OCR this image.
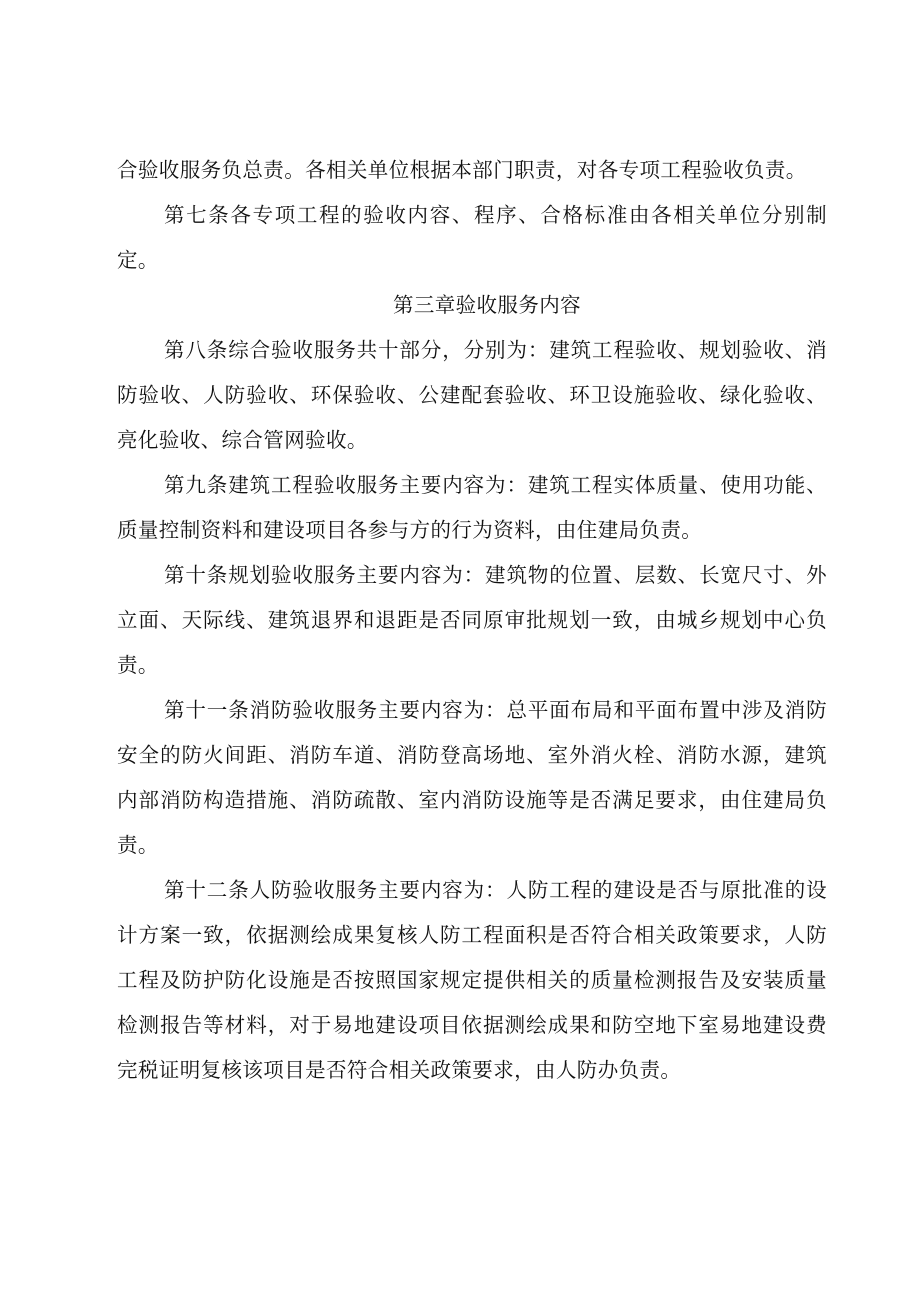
合验收服务负总责。各相关单位根据本部门职责，对各专项工程验收负责。

第七条各专项工程的验收内容、程序、合格标准由各相关单位分别制定。

第三章验收服务内容

第八条综合验收服务共十部分，分别为：建筑工程验收、规划验收、消防验收、人防验收、环保验收、公建配套验收、环卫设施验收、绿化验收、亮化验收、综合管网验收。

第九条建筑工程验收服务主要内容为：建筑工程实体质量、使用功能、质量控制资料和建设项目各参与方的行为资料，由住建局负责。

第十条规划验收服务主要内容为：建筑物的位置、层数、长宽尺寸、外立面、天际线、建筑退界和退距是否同原审批规划一致，由城乡规划中心负责。

第十一条消防验收服务主要内容为：总平面布局和平面布置中涉及消防安全的防火间距、消防车道、消防登高场地、室外消火栓、消防水源，建筑内部消防构造措施、消防疏散、室内消防设施等是否满足要求，由住建局负责。

第十二条人防验收服务主要内容为：人防工程的建设是否与原批准的设计方案一致，依据测绘成果复核人防工程面积是否符合相关政策要求，人防工程及防护防化设施是否按照国家规定提供相关的质量检测报告及安装质量检测报告等材料，对于易地建设项目依据测绘成果和防空地下室易地建设费完税证明复核该项目是否符合相关政策要求，由人防办负责。
